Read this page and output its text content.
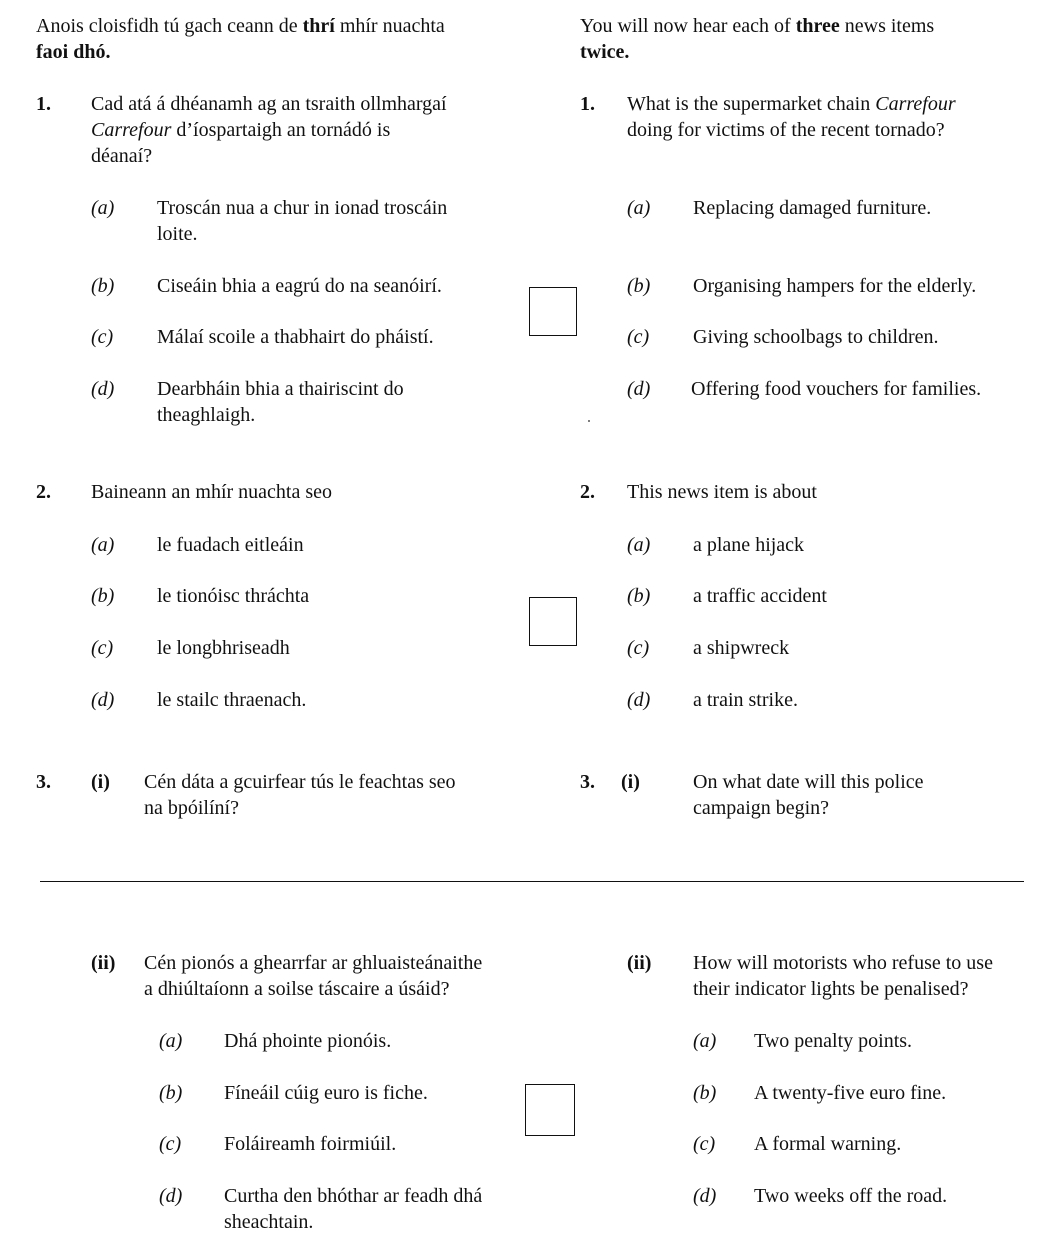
Anois cloisfidh tú gach ceann de thrí mhír nuachta
faoi dhó.
You will now hear each of three news items
twice.
1. Cad atá á dhéanamh ag an tsraith ollmhargaí
Carrefour d’íospartaigh an tornádó is
déanaí?
1. What is the supermarket chain Carrefour
doing for victims of the recent tornado?
(a) Troscán nua a chur in ionad troscáin
loite.
(b) Ciseáin bhia a eagrú do na seanóirí.
(c) Málaí scoile a thabhairt do pháistí.
(d) Dearbháin bhia a thairiscint do
theaghlaigh.
(a) Replacing damaged furniture.
(b) Organising hampers for the elderly.
(c) Giving schoolbags to children.
(d) Offering food vouchers for families.
2. Baineann an mhír nuachta seo	2. This news item is about
(a) le fuadach eitleáin
(b) le tionóisc thráchta
(c) le longbhriseadh
(d) le stailc thraenach.
(a) a plane hijack
(b) a traffic accident
(c) a shipwreck
(d) a train strike.
3. (i) Cén dáta a gcuirfear tús le feachtas seo
na bpóilíní?
3. (i)	On what date will this police
campaign begin?
(ii) Cén pionós a ghearrfar ar ghluaisteánaithe
a dhiúltaíonn a soilse táscaire a úsáid?
(ii) How will motorists who refuse to use
their indicator lights be penalised?
(a) Dhá phointe pionóis.
(b) Fíneáil cúig euro is fiche.
(c) Foláireamh foirmiúil.
(d) Curtha den bhóthar ar feadh dhá
sheachtain.
(a) Two penalty points.
(b) A twenty-five euro fine.
(c) A formal warning.
(d) Two weeks off the road.
